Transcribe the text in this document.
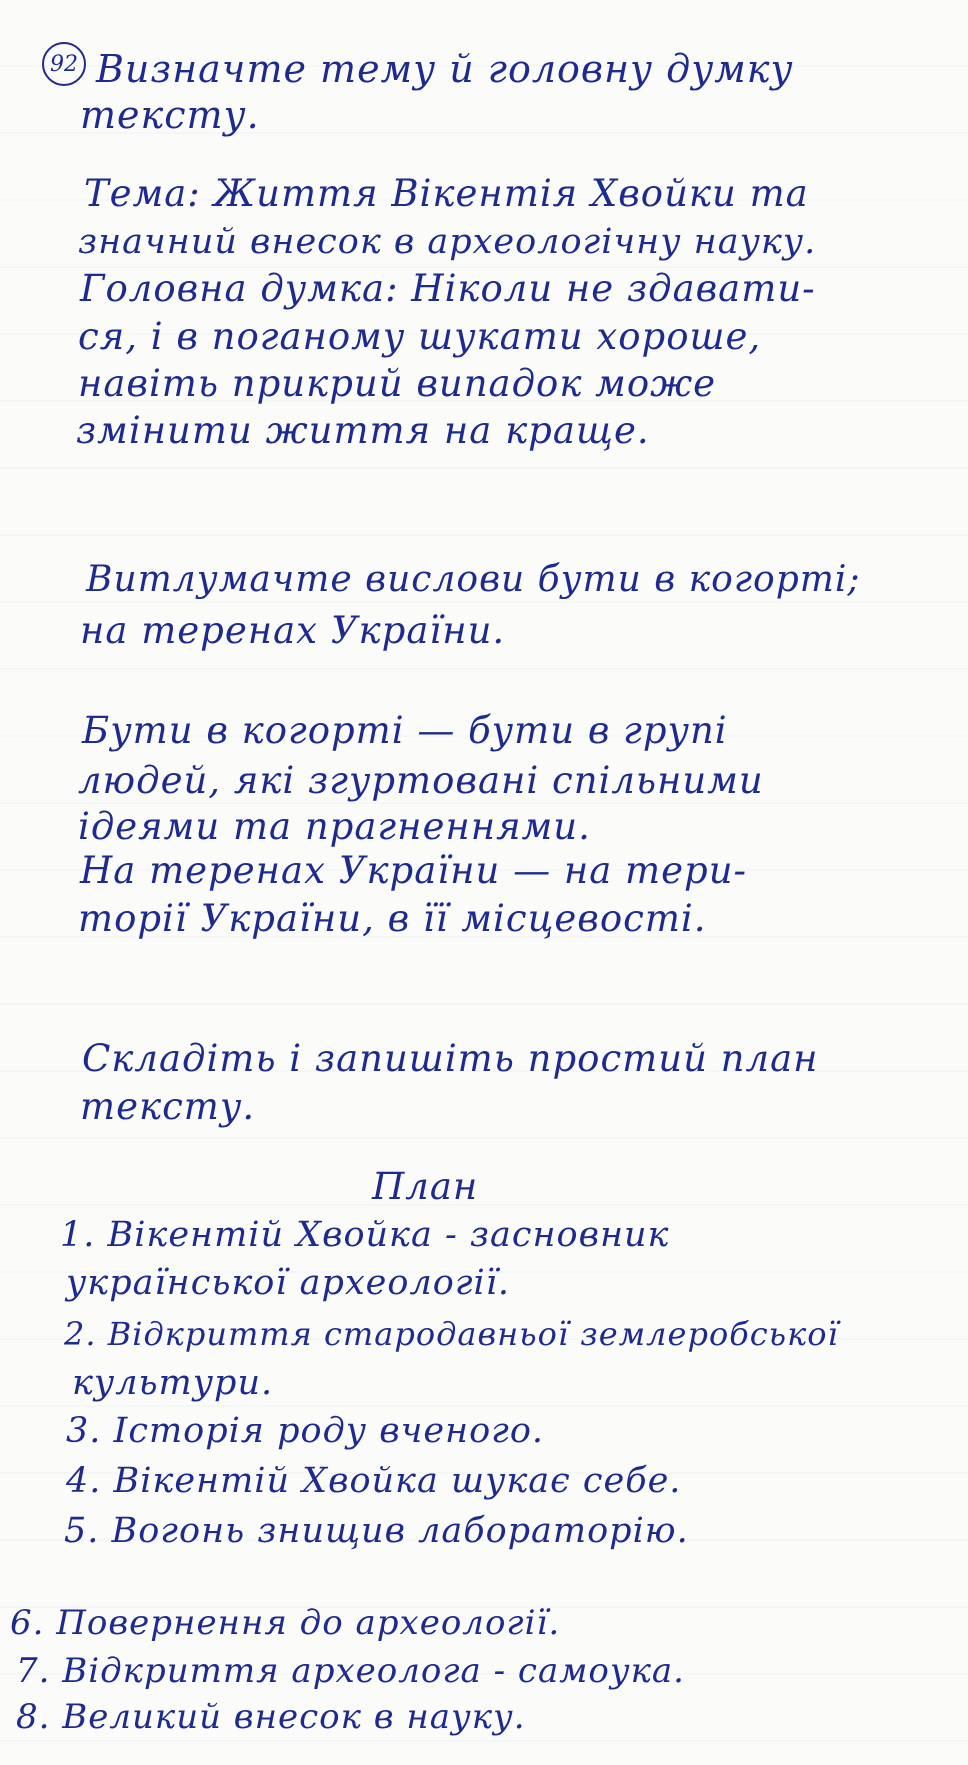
92 Визначте тему й головну думку
тексту.
Тема: Життя Вікентія Хвойки та
значний внесок в археологічну науку.
Головна думка: Ніколи не здавати-
ся, і в поганому шукати хороше,
навіть прикрий випадок може
змінити життя на краще.
Витлумачте вислови бути в когорті;
на теренах України.
Бути в когорті — бути в групі
людей, які згуртовані спільними
ідеями та прагненнями.
На теренах України — на тери-
торії України, в її місцевості.
Складіть і запишіть простий план
тексту.
План
1. Вікентій Хвойка - засновник
української археології.
2. Відкриття стародавньої землеробської
культури.
3. Історія роду вченого.
4. Вікентій Хвойка шукає себе.
5. Вогонь знищив лабораторію.
6. Повернення до археології.
7. Відкриття археолога - самоука.
8. Великий внесок в науку.
